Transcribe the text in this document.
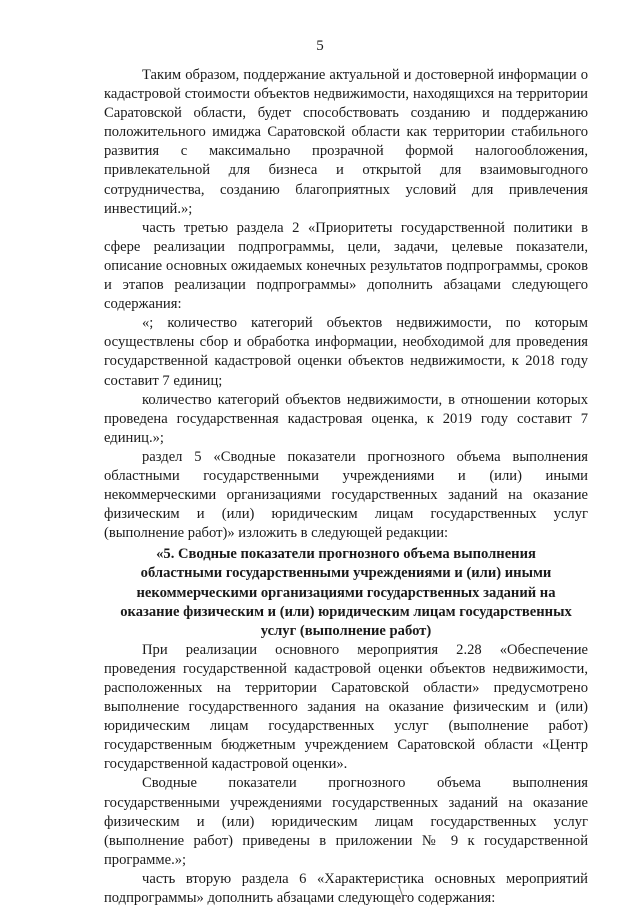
5

Таким образом, поддержание актуальной и достоверной информации о кадастровой стоимости объектов недвижимости, находящихся на территории Саратовской области, будет способствовать созданию и поддержанию положительного имиджа Саратовской области как территории стабильного развития с максимально прозрачной формой налогообложения, привлекательной для бизнеса и открытой для взаимовыгодного сотрудничества, созданию благоприятных условий для привлечения инвестиций.»;

часть третью раздела 2 «Приоритеты государственной политики в сфере реализации подпрограммы, цели, задачи, целевые показатели, описание основных ожидаемых конечных результатов подпрограммы, сроков и этапов реализации подпрограммы» дополнить абзацами следующего содержания:

«; количество категорий объектов недвижимости, по которым осуществлены сбор и обработка информации, необходимой для проведения государственной кадастровой оценки объектов недвижимости, к 2018 году составит 7 единиц;

количество категорий объектов недвижимости, в отношении которых проведена государственная кадастровая оценка, к 2019 году составит 7 единиц.»;

раздел 5 «Сводные показатели прогнозного объема выполнения областными государственными учреждениями и (или) иными некоммерческими организациями государственных заданий на оказание физическим и (или) юридическим лицам государственных услуг (выполнение работ)» изложить в следующей редакции:

«5. Сводные показатели прогнозного объема выполнения областными государственными учреждениями и (или) иными некоммерческими организациями государственных заданий на оказание физическим и (или) юридическим лицам государственных услуг (выполнение работ)

При реализации основного мероприятия 2.28 «Обеспечение проведения государственной кадастровой оценки объектов недвижимости, расположенных на территории Саратовской области» предусмотрено выполнение государственного задания на оказание физическим и (или) юридическим лицам государственных услуг (выполнение работ) государственным бюджетным учреждением Саратовской области «Центр государственной кадастровой оценки».

Сводные показатели прогнозного объема выполнения государственными учреждениями государственных заданий на оказание физическим и (или) юридическим лицам государственных услуг (выполнение работ) приведены в приложении № 9 к государственной программе.»;

часть вторую раздела 6 «Характеристика основных мероприятий подпрограммы» дополнить абзацами следующего содержания:
